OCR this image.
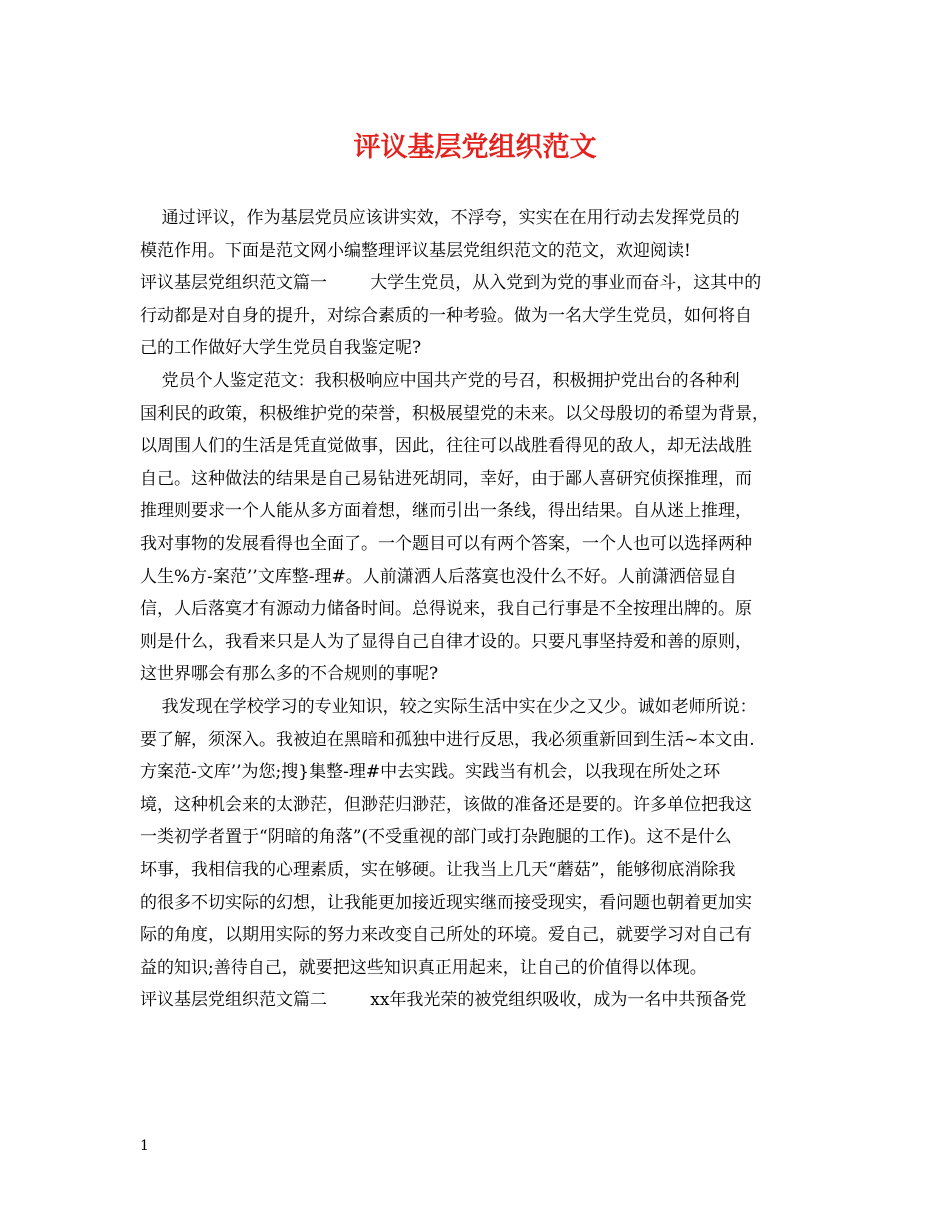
评议基层党组织范文
通过评议，作为基层党员应该讲实效，不浮夸，实实在在用行动去发挥党员的
模范作用。下面是范文网小编整理评议基层党组织范文的范文，欢迎阅读!
评议基层党组织范文篇一        大学生党员，从入党到为党的事业而奋斗，这其中的
行动都是对自身的提升，对综合素质的一种考验。做为一名大学生党员，如何将自
己的工作做好大学生党员自我鉴定呢?
党员个人鉴定范文：我积极响应中国共产党的号召，积极拥护党出台的各种利
国利民的政策，积极维护党的荣誉，积极展望党的未来。以父母殷切的希望为背景，
以周围人们的生活是凭直觉做事，因此，往往可以战胜看得见的敌人，却无法战胜
自己。这种做法的结果是自己易钻进死胡同，幸好，由于鄙人喜研究侦探推理，而
推理则要求一个人能从多方面着想，继而引出一条线，得出结果。自从迷上推理，
我对事物的发展看得也全面了。一个题目可以有两个答案，一个人也可以选择两种
人生%方-案范’’文库整-理#。人前潇洒人后落寞也没什么不好。人前潇洒倍显自
信，人后落寞才有源动力储备时间。总得说来，我自己行事是不全按理出牌的。原
则是什么，我看来只是人为了显得自己自律才设的。只要凡事坚持爱和善的原则，
这世界哪会有那么多的不合规则的事呢?
我发现在学校学习的专业知识，较之实际生活中实在少之又少。诚如老师所说：
要了解，须深入。我被迫在黑暗和孤独中进行反思，我必须重新回到生活~本文由.
方案范-文库’’为您;搜}集整-理#中去实践。实践当有机会，以我现在所处之环
境，这种机会来的太渺茫，但渺茫归渺茫，该做的准备还是要的。许多单位把我这
一类初学者置于“阴暗的角落”(不受重视的部门或打杂跑腿的工作)。这不是什么
坏事，我相信我的心理素质，实在够硬。让我当上几天“蘑菇”，能够彻底消除我
的很多不切实际的幻想，让我能更加接近现实继而接受现实，看问题也朝着更加实
际的角度，以期用实际的努力来改变自己所处的环境。爱自己，就要学习对自己有
益的知识;善待自己，就要把这些知识真正用起来，让自己的价值得以体现。
评议基层党组织范文篇二        xx年我光荣的被党组织吸收，成为一名中共预备党
1
